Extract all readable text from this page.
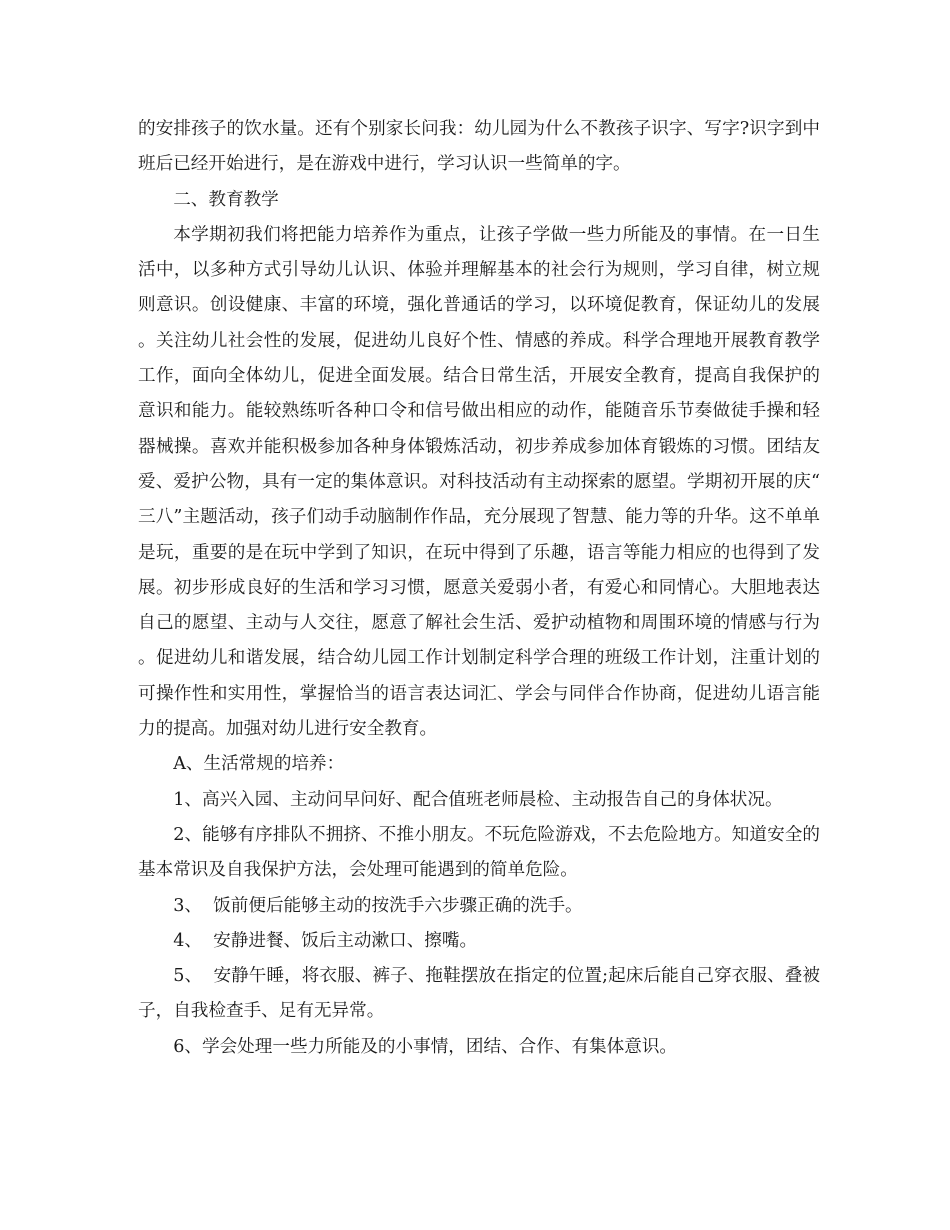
的安排孩子的饮水量。还有个别家长问我：幼儿园为什么不教孩子识字、写字?识字到中班后已经开始进行，是在游戏中进行，学习认识一些简单的字。

二、教育教学

本学期初我们将把能力培养作为重点，让孩子学做一些力所能及的事情。在一日生活中，以多种方式引导幼儿认识、体验并理解基本的社会行为规则，学习自律，树立规则意识。创设健康、丰富的环境，强化普通话的学习，以环境促教育，保证幼儿的发展。关注幼儿社会性的发展，促进幼儿良好个性、情感的养成。科学合理地开展教育教学工作，面向全体幼儿，促进全面发展。结合日常生活，开展安全教育，提高自我保护的意识和能力。能较熟练听各种口令和信号做出相应的动作，能随音乐节奏做徒手操和轻器械操。喜欢并能积极参加各种身体锻炼活动，初步养成参加体育锻炼的习惯。团结友爱、爱护公物，具有一定的集体意识。对科技活动有主动探索的愿望。学期初开展的庆“三八”主题活动，孩子们动手动脑制作作品，充分展现了智慧、能力等的升华。这不单单是玩，重要的是在玩中学到了知识，在玩中得到了乐趣，语言等能力相应的也得到了发展。初步形成良好的生活和学习习惯，愿意关爱弱小者，有爱心和同情心。大胆地表达自己的愿望、主动与人交往，愿意了解社会生活、爱护动植物和周围环境的情感与行为。促进幼儿和谐发展，结合幼儿园工作计划制定科学合理的班级工作计划，注重计划的可操作性和实用性，掌握恰当的语言表达词汇、学会与同伴合作协商，促进幼儿语言能力的提高。加强对幼儿进行安全教育。

A、生活常规的培养：

1、高兴入园、主动问早问好、配合值班老师晨检、主动报告自己的身体状况。

2、能够有序排队不拥挤、不推小朋友。不玩危险游戏，不去危险地方。知道安全的基本常识及自我保护方法，会处理可能遇到的简单危险。

3、  饭前便后能够主动的按洗手六步骤正确的洗手。

4、  安静进餐、饭后主动漱口、擦嘴。

5、  安静午睡，将衣服、裤子、拖鞋摆放在指定的位置;起床后能自己穿衣服、叠被子，自我检查手、足有无异常。

6、学会处理一些力所能及的小事情，团结、合作、有集体意识。
